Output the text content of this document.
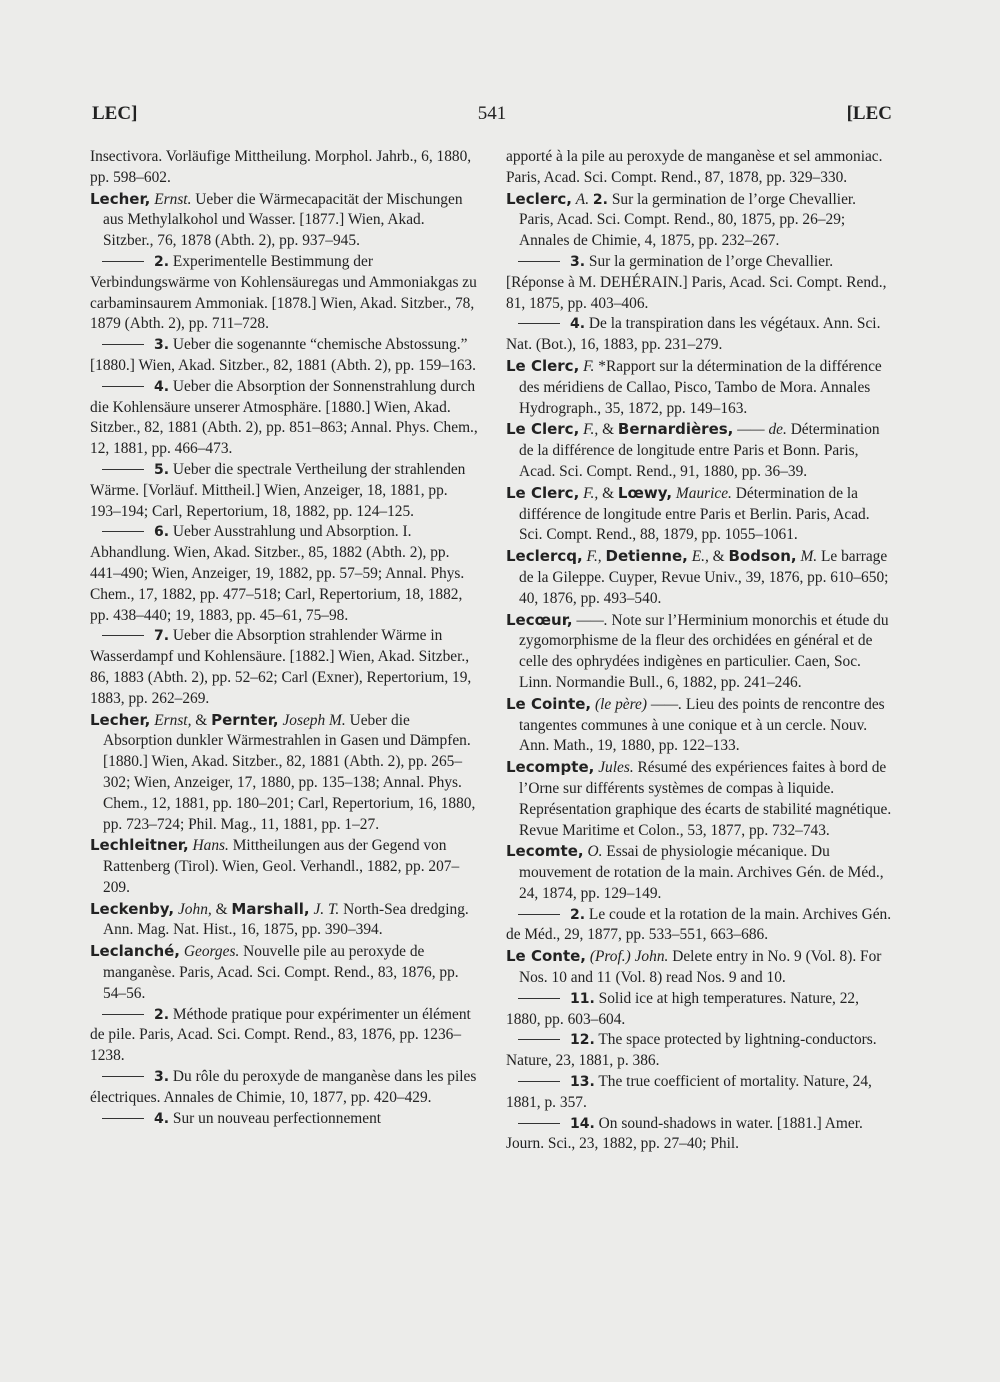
LEC]	541	[LEC

Insectivora. Vorläufige Mittheilung. Morphol. Jahrb., 6, 1880, pp. 598–602.

Lecher, Ernst. Ueber die Wärmecapacität der Mischungen aus Methylalkohol und Wasser. [1877.] Wien, Akad. Sitzber., 76, 1878 (Abth. 2), pp. 937–945.

2. Experimentelle Bestimmung der Verbindungswärme von Kohlensäuregas und Ammoniakgas zu carbaminsaurem Ammoniak. [1878.] Wien, Akad. Sitzber., 78, 1879 (Abth. 2), pp. 711–728.

3. Ueber die sogenannte “chemische Abstossung.” [1880.] Wien, Akad. Sitzber., 82, 1881 (Abth. 2), pp. 159–163.

4. Ueber die Absorption der Sonnenstrahlung durch die Kohlensäure unserer Atmosphäre. [1880.] Wien, Akad. Sitzber., 82, 1881 (Abth. 2), pp. 851–863; Annal. Phys. Chem., 12, 1881, pp. 466–473.

5. Ueber die spectrale Vertheilung der strahlenden Wärme. [Vorläuf. Mittheil.] Wien, Anzeiger, 18, 1881, pp. 193–194; Carl, Repertorium, 18, 1882, pp. 124–125.

6. Ueber Ausstrahlung und Absorption. I. Abhandlung. Wien, Akad. Sitzber., 85, 1882 (Abth. 2), pp. 441–490; Wien, Anzeiger, 19, 1882, pp. 57–59; Annal. Phys. Chem., 17, 1882, pp. 477–518; Carl, Repertorium, 18, 1882, pp. 438–440; 19, 1883, pp. 45–61, 75–98.

7. Ueber die Absorption strahlender Wärme in Wasserdampf und Kohlensäure. [1882.] Wien, Akad. Sitzber., 86, 1883 (Abth. 2), pp. 52–62; Carl (Exner), Repertorium, 19, 1883, pp. 262–269.

Lecher, Ernst, & Pernter, Joseph M. Ueber die Absorption dunkler Wärmestrahlen in Gasen und Dämpfen. [1880.] Wien, Akad. Sitzber., 82, 1881 (Abth. 2), pp. 265–302; Wien, Anzeiger, 17, 1880, pp. 135–138; Annal. Phys. Chem., 12, 1881, pp. 180–201; Carl, Repertorium, 16, 1880, pp. 723–724; Phil. Mag., 11, 1881, pp. 1–27.

Lechleitner, Hans. Mittheilungen aus der Gegend von Rattenberg (Tirol). Wien, Geol. Verhandl., 1882, pp. 207–209.

Leckenby, John, & Marshall, J. T. North-Sea dredging. Ann. Mag. Nat. Hist., 16, 1875, pp. 390–394.

Leclanché, Georges. Nouvelle pile au peroxyde de manganèse. Paris, Acad. Sci. Compt. Rend., 83, 1876, pp. 54–56.

2. Méthode pratique pour expérimenter un élément de pile. Paris, Acad. Sci. Compt. Rend., 83, 1876, pp. 1236–1238.

3. Du rôle du peroxyde de manganèse dans les piles électriques. Annales de Chimie, 10, 1877, pp. 420–429.

4. Sur un nouveau perfectionnement

apporté à la pile au peroxyde de manganèse et sel ammoniac. Paris, Acad. Sci. Compt. Rend., 87, 1878, pp. 329–330.

Leclerc, A. 2. Sur la germination de l’orge Chevallier. Paris, Acad. Sci. Compt. Rend., 80, 1875, pp. 26–29; Annales de Chimie, 4, 1875, pp. 232–267.

3. Sur la germination de l’orge Chevallier. [Réponse à M. DEHÉRAIN.] Paris, Acad. Sci. Compt. Rend., 81, 1875, pp. 403–406.

4. De la transpiration dans les végétaux. Ann. Sci. Nat. (Bot.), 16, 1883, pp. 231–279.

Le Clerc, F. *Rapport sur la détermination de la différence des méridiens de Callao, Pisco, Tambo de Mora. Annales Hydrograph., 35, 1872, pp. 149–163.

Le Clerc, F., & Bernardières, —— de. Détermination de la différence de longitude entre Paris et Bonn. Paris, Acad. Sci. Compt. Rend., 91, 1880, pp. 36–39.

Le Clerc, F., & Lœwy, Maurice. Détermination de la différence de longitude entre Paris et Berlin. Paris, Acad. Sci. Compt. Rend., 88, 1879, pp. 1055–1061.

Leclercq, F., Detienne, E., & Bodson, M. Le barrage de la Gileppe. Cuyper, Revue Univ., 39, 1876, pp. 610–650; 40, 1876, pp. 493–540.

Lecœur, ——. Note sur l’Herminium monorchis et étude du zygomorphisme de la fleur des orchidées en général et de celle des ophrydées indigènes en particulier. Caen, Soc. Linn. Normandie Bull., 6, 1882, pp. 241–246.

Le Cointe, (le père) ——. Lieu des points de rencontre des tangentes communes à une conique et à un cercle. Nouv. Ann. Math., 19, 1880, pp. 122–133.

Lecompte, Jules. Résumé des expériences faites à bord de l’Orne sur différents systèmes de compas à liquide. Représentation graphique des écarts de stabilité magnétique. Revue Maritime et Colon., 53, 1877, pp. 732–743.

Lecomte, O. Essai de physiologie mécanique. Du mouvement de rotation de la main. Archives Gén. de Méd., 24, 1874, pp. 129–149.

2. Le coude et la rotation de la main. Archives Gén. de Méd., 29, 1877, pp. 533–551, 663–686.

Le Conte, (Prof.) John. Delete entry in No. 9 (Vol. 8). For Nos. 10 and 11 (Vol. 8) read Nos. 9 and 10.

11. Solid ice at high temperatures. Nature, 22, 1880, pp. 603–604.

12. The space protected by lightning-conductors. Nature, 23, 1881, p. 386.

13. The true coefficient of mortality. Nature, 24, 1881, p. 357.

14. On sound-shadows in water. [1881.] Amer. Journ. Sci., 23, 1882, pp. 27–40; Phil.
